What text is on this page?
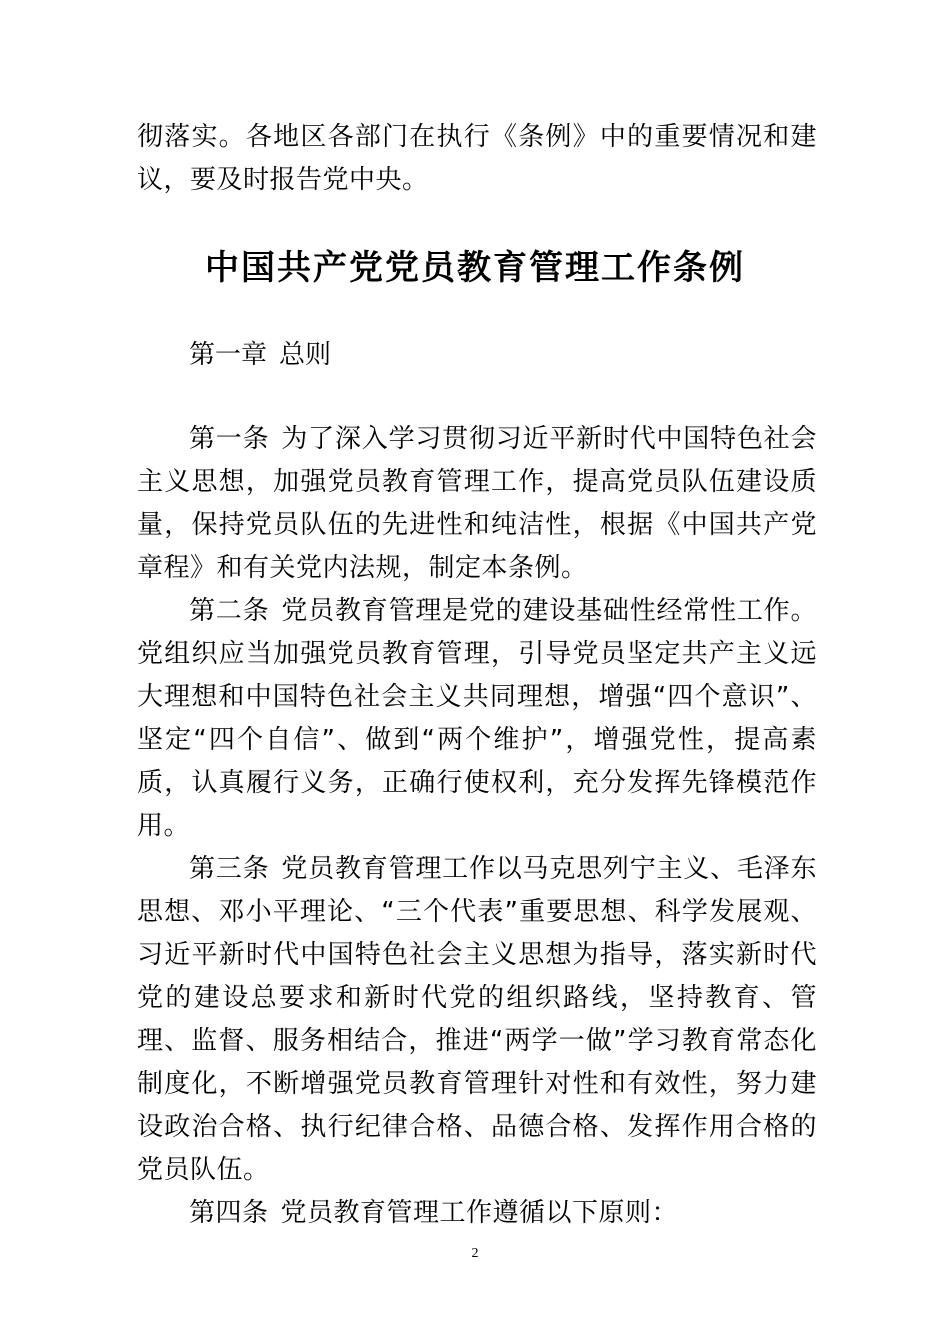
彻落实。各地区各部门在执行《条例》中的重要情况和建议，要及时报告党中央。
中国共产党党员教育管理工作条例
第一章 总则

第一条 为了深入学习贯彻习近平新时代中国特色社会主义思想，加强党员教育管理工作，提高党员队伍建设质量，保持党员队伍的先进性和纯洁性，根据《中国共产党章程》和有关党内法规，制定本条例。

第二条 党员教育管理是党的建设基础性经常性工作。党组织应当加强党员教育管理，引导党员坚定共产主义远大理想和中国特色社会主义共同理想，增强“四个意识”、坚定“四个自信”、做到“两个维护”，增强党性，提高素质，认真履行义务，正确行使权利，充分发挥先锋模范作用。

第三条 党员教育管理工作以马克思列宁主义、毛泽东思想、邓小平理论、“三个代表”重要思想、科学发展观、习近平新时代中国特色社会主义思想为指导，落实新时代党的建设总要求和新时代党的组织路线，坚持教育、管理、监督、服务相结合，推进“两学一做”学习教育常态化制度化，不断增强党员教育管理针对性和有效性，努力建设政治合格、执行纪律合格、品德合格、发挥作用合格的党员队伍。

第四条 党员教育管理工作遵循以下原则：

2
